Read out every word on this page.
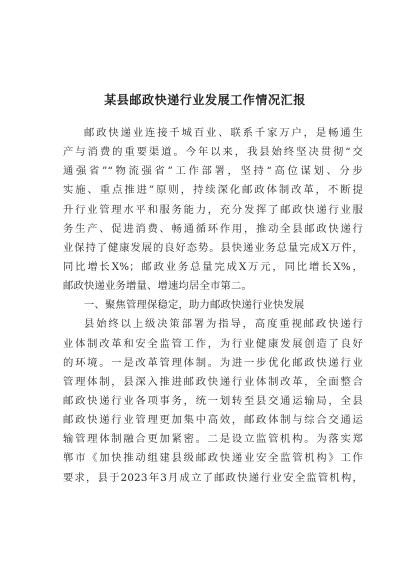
某县邮政快递行业发展工作情况汇报
邮政快递业连接千城百业、联系千家万户，是畅通生
产与消费的重要渠道。今年以来，我县始终坚决贯彻“交
通强省”“物流强省”工作部署，坚持“高位谋划、分步
实施、重点推进”原则，持续深化邮政体制改革，不断提
升行业管理水平和服务能力，充分发挥了邮政快递行业服
务生产、促进消费、畅通循环作用，推动全县邮政快递行
业保持了健康发展的良好态势。县快递业务总量完成X万件，
同比增长X%；邮政业务总量完成X万元，同比增长X%，
邮政快递业务增量、增速均居全市第二。
一、聚焦管理保稳定，助力邮政快递行业快发展
县始终以上级决策部署为指导，高度重视邮政快递行
业体制改革和安全监管工作，为行业健康发展创造了良好
的环境。一是改革管理体制。为进一步优化邮政快递行业
管理体制，县深入推进邮政快递行业体制改革，全面整合
邮政快递行业各项事务，统一划转至县交通运输局，全县
邮政快递行业管理更加集中高效，邮政体制与综合交通运
输管理体制融合更加紧密。二是设立监管机构。为落实郑
郸市《加快推动组建县级邮政快递业安全监管机构》工作
要求，县于2023年3月成立了邮政快递行业安全监管机构，
